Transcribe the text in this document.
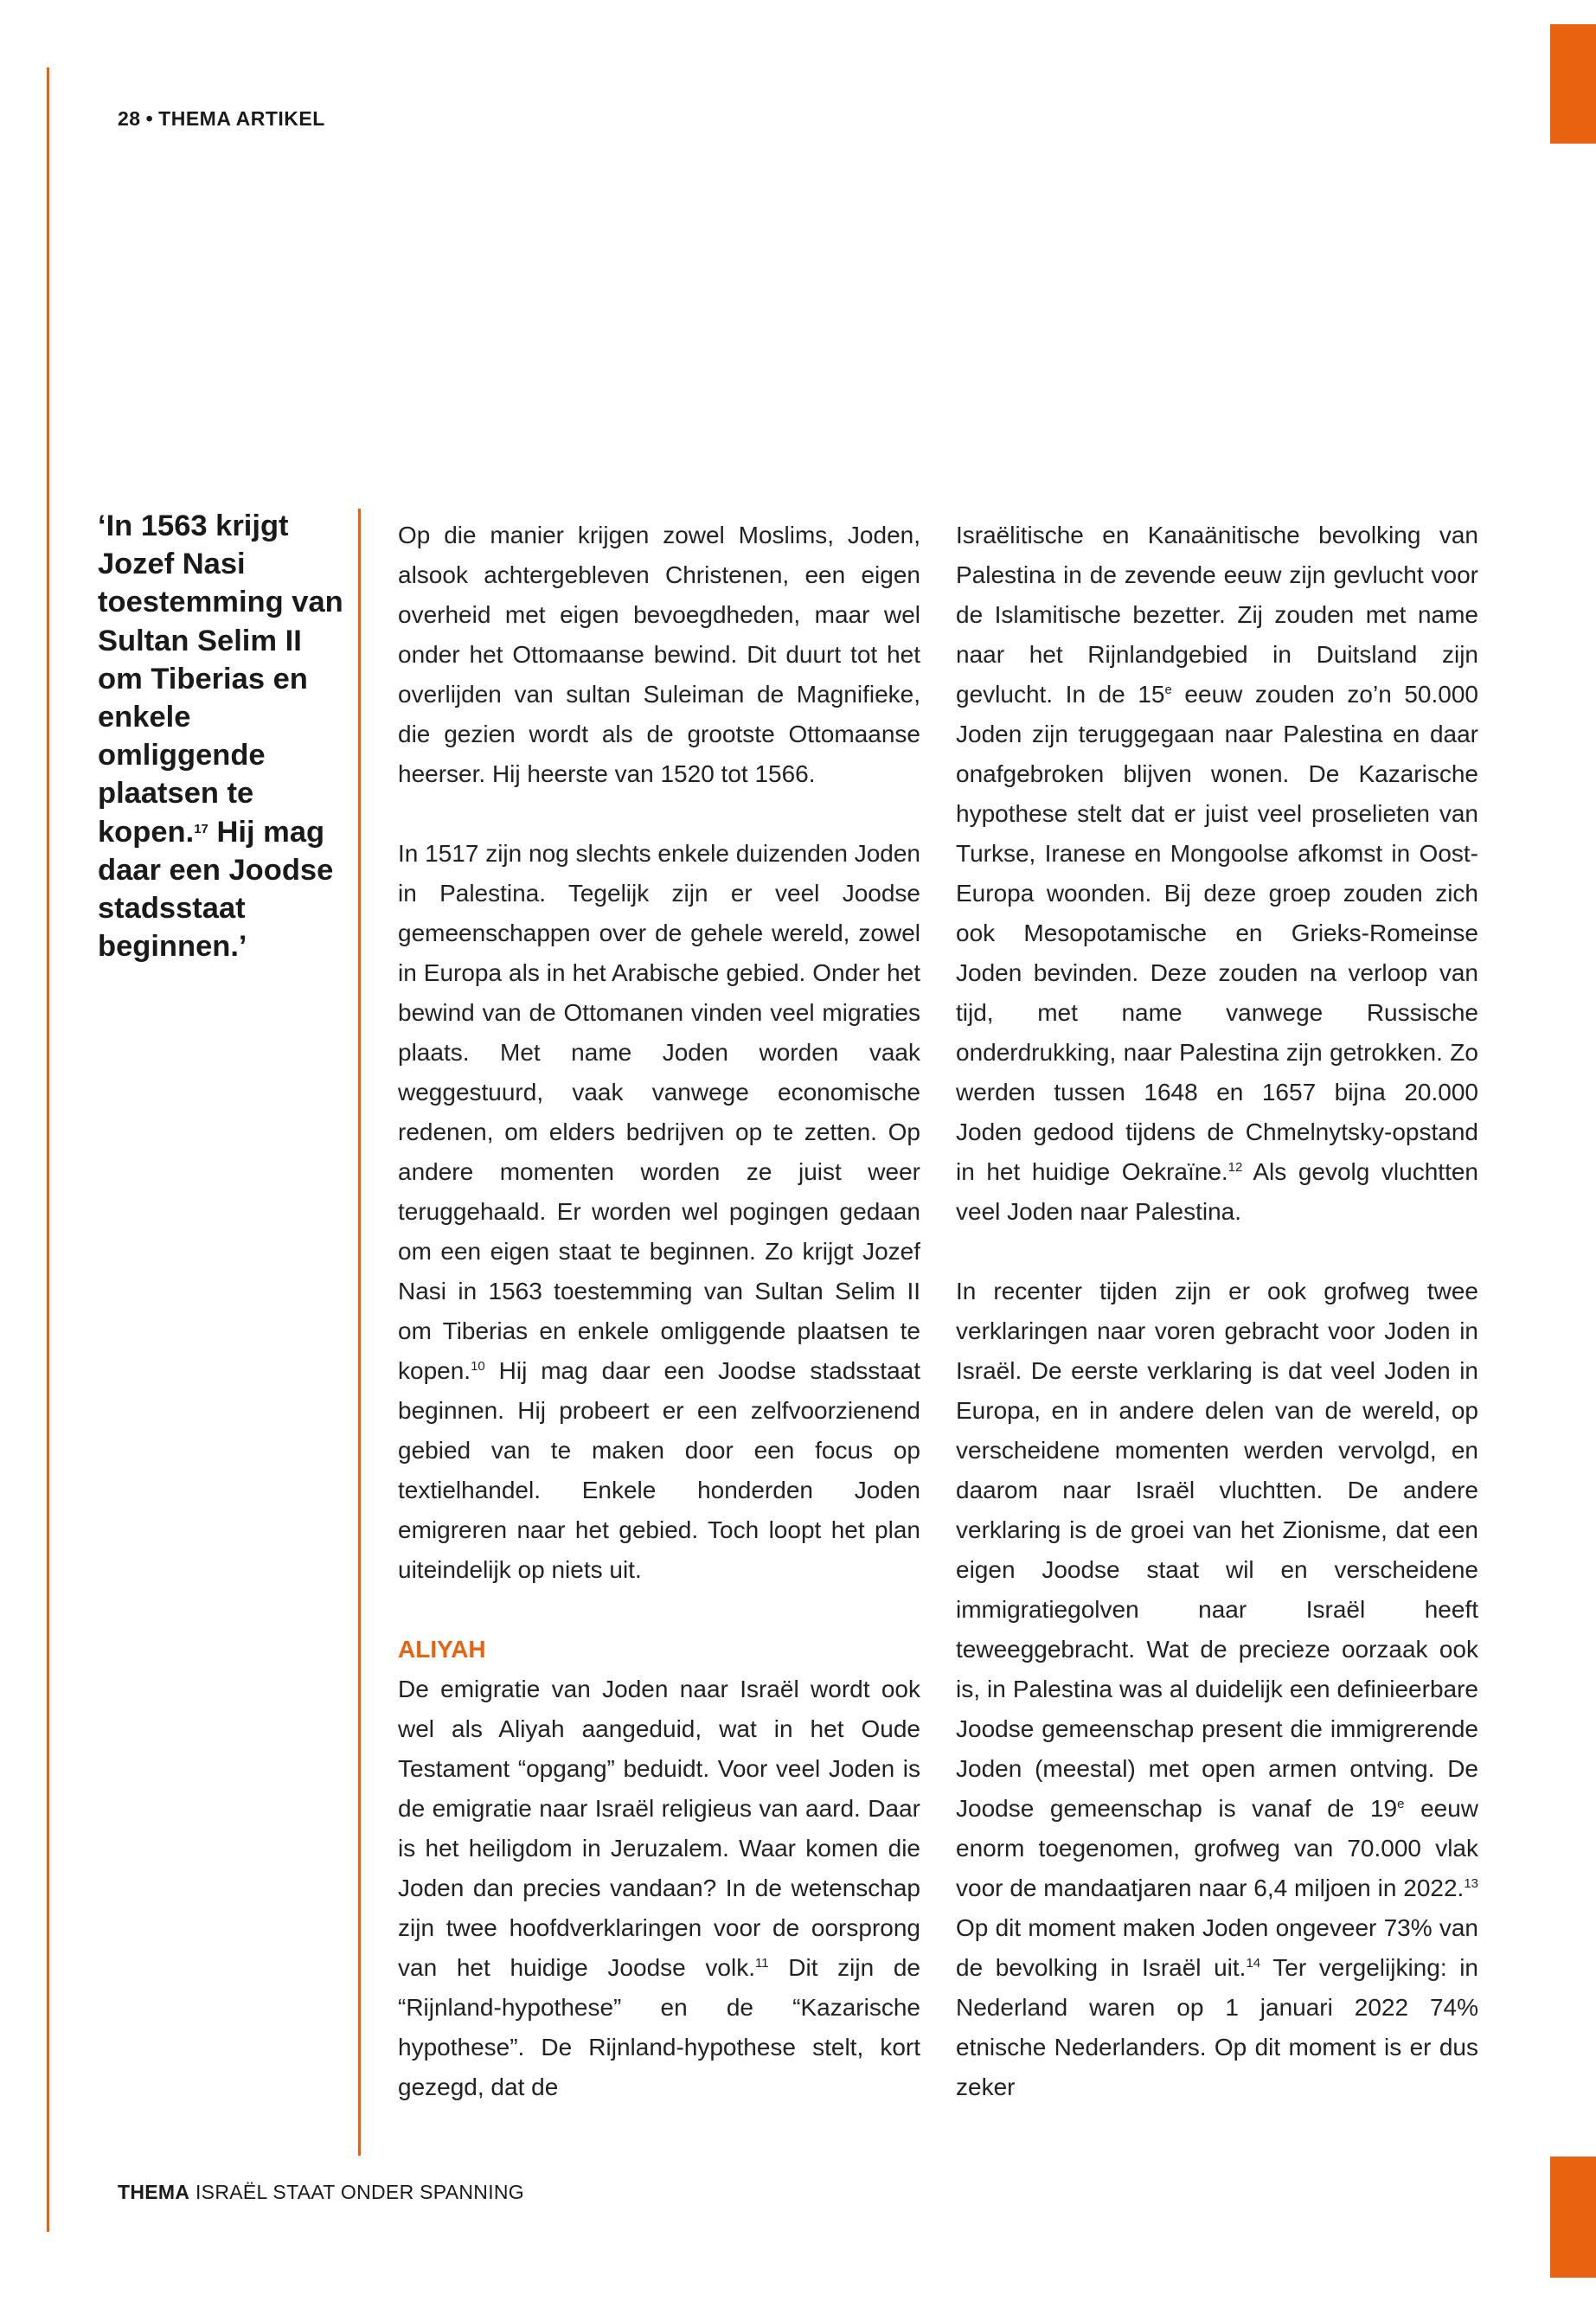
28 • THEMA ARTIKEL
‘In 1563 krijgt Jozef Nasi toestemming van Sultan Selim II om Tiberias en enkele omliggende plaatsen te kopen.$^{17}$ Hij mag daar een Joodse stadsstaat beginnen.’

Op die manier krijgen zowel Moslims, Joden, alsook achtergebleven Christenen, een eigen overheid met eigen bevoegdheden, maar wel onder het Ottomaanse bewind. Dit duurt tot het overlijden van sultan Suleiman de Magnifieke, die gezien wordt als de grootste Ottomaanse heerser. Hij heerste van 1520 tot 1566.

In 1517 zijn nog slechts enkele duizenden Joden in Palestina. Tegelijk zijn er veel Joodse gemeenschappen over de gehele wereld, zowel in Europa als in het Arabische gebied. Onder het bewind van de Ottomanen vinden veel migraties plaats. Met name Joden worden vaak weggestuurd, vaak vanwege economische redenen, om elders bedrijven op te zetten. Op andere momenten worden ze juist weer teruggehaald. Er worden wel pogingen gedaan om een eigen staat te beginnen. Zo krijgt Jozef Nasi in 1563 toestemming van Sultan Selim II om Tiberias en enkele omliggende plaatsen te kopen.$^{10}$ Hij mag daar een Joodse stadsstaat beginnen. Hij probeert er een zelfvoorzienend gebied van te maken door een focus op textielhandel. Enkele honderden Joden emigreren naar het gebied. Toch loopt het plan uiteindelijk op niets uit.

ALIYAH

De emigratie van Joden naar Israël wordt ook wel als Aliyah aangeduid, wat in het Oude Testament “opgang” beduidt. Voor veel Joden is de emigratie naar Israël religieus van aard. Daar is het heiligdom in Jeruzalem. Waar komen die Joden dan precies vandaan? In de wetenschap zijn twee hoofdverklaringen voor de oorsprong van het huidige Joodse volk.$^{11}$ Dit zijn de “Rijnland-hypothese” en de “Kazarische hypothese”. De Rijnland-hypothese stelt, kort gezegd, dat de

Israëlitische en Kanaänitische bevolking van Palestina in de zevende eeuw zijn gevlucht voor de Islamitische bezetter. Zij zouden met name naar het Rijnlandgebied in Duitsland zijn gevlucht. In de 15e eeuw zouden zo’n 50.000 Joden zijn teruggegaan naar Palestina en daar onafgebroken blijven wonen. De Kazarische hypothese stelt dat er juist veel proselieten van Turkse, Iranese en Mongoolse afkomst in Oost-Europa woonden. Bij deze groep zouden zich ook Mesopotamische en Grieks-Romeinse Joden bevinden. Deze zouden na verloop van tijd, met name vanwege Russische onderdrukking, naar Palestina zijn getrokken. Zo werden tussen 1648 en 1657 bijna 20.000 Joden gedood tijdens de Chmelnytsky-opstand in het huidige Oekraïne.$^{12}$ Als gevolg vluchtten veel Joden naar Palestina.

In recenter tijden zijn er ook grofweg twee verklaringen naar voren gebracht voor Joden in Israël. De eerste verklaring is dat veel Joden in Europa, en in andere delen van de wereld, op verscheidene momenten werden vervolgd, en daarom naar Israël vluchtten. De andere verklaring is de groei van het Zionisme, dat een eigen Joodse staat wil en verscheidene immigratiegolven naar Israël heeft teweeggebracht. Wat de precieze oorzaak ook is, in Palestina was al duidelijk een definieerbare Joodse gemeenschap present die immigrerende Joden (meestal) met open armen ontving. De Joodse gemeenschap is vanaf de 19e eeuw enorm toegenomen, grofweg van 70.000 vlak voor de mandaatjaren naar 6,4 miljoen in 2022.13 Op dit moment maken Joden ongeveer 73% van de bevolking in Israël uit.$^{14}$ Ter vergelijking: in Nederland waren op 1 januari 2022 74% etnische Nederlanders. Op dit moment is er dus zeker

THEMA ISRAËL STAAT ONDER SPANNING
